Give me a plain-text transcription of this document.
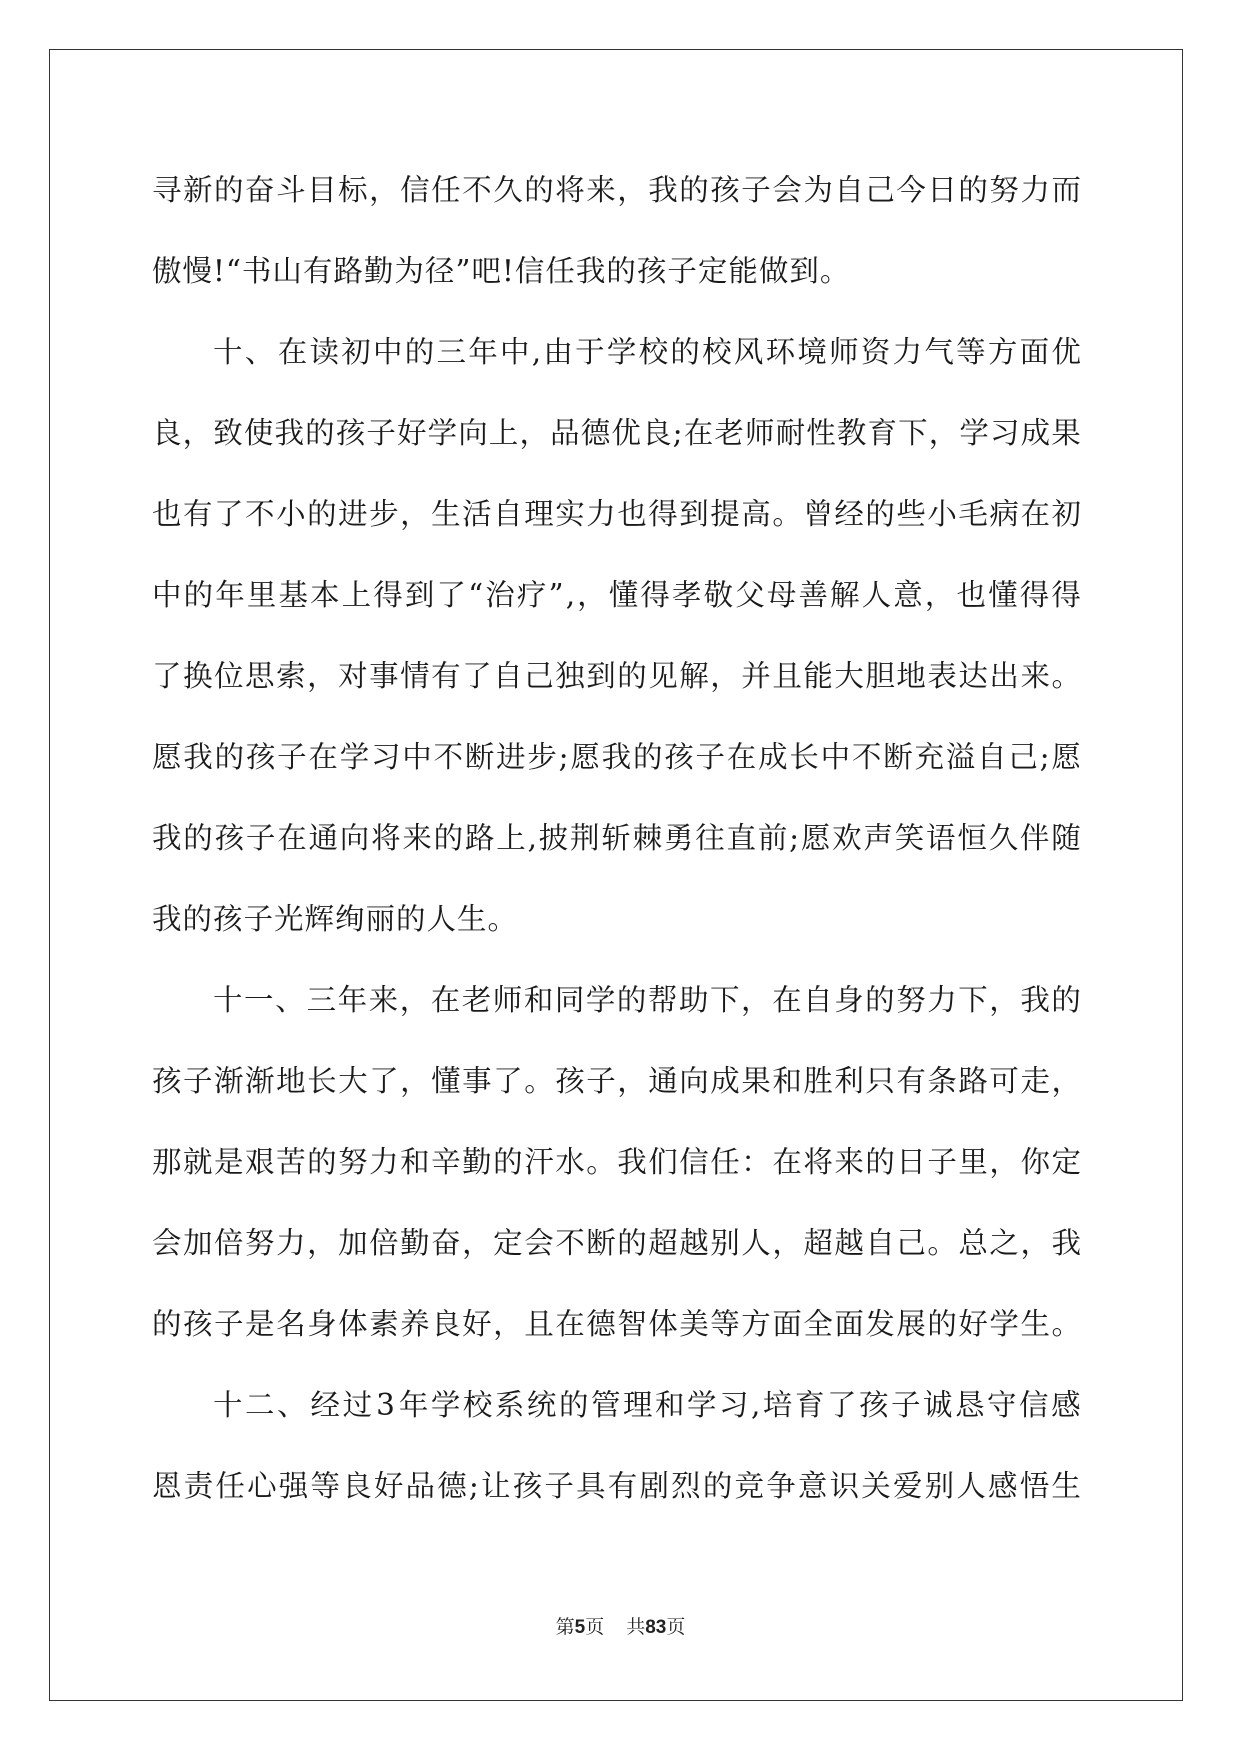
寻 新 的 奋 斗 目 标 ， 信 任 不 久 的 将 来 ， 我 的 孩 子 会 为 自 己 今 日 的 努 力 而
傲慢!“书山有路勤为径”吧!信任我的孩子定能做到。
十 、 在 读 初 中 的 三 年 中 , 由 于 学 校 的 校 风 环 境 师 资 力 气 等 方 面 优
良 ， 致 使 我 的 孩 子 好 学 向 上 ， 品 德 优 良 ; 在 老 师 耐 性 教 育 下 ， 学 习 成 果
也 有 了 不 小 的 进 步 ， 生 活 自 理 实 力 也 得 到 提 高 。 曾 经 的 些 小 毛 病 在 初
中 的 年 里 基 本 上 得 到 了 “ 治 疗 ” , ， 懂 得 孝 敬 父 母 善 解 人 意 ， 也 懂 得 得
了 换 位 思 索 ， 对 事 情 有 了 自 己 独 到 的 见 解 ， 并 且 能 大 胆 地 表 达 出 来 。
愿 我 的 孩 子 在 学 习 中 不 断 进 步 ; 愿 我 的 孩 子 在 成 长 中 不 断 充 溢 自 己 ; 愿
我 的 孩 子 在 通 向 将 来 的 路 上 , 披 荆 斩 棘 勇 往 直 前 ; 愿 欢 声 笑 语 恒 久 伴 随
我的孩子光辉绚丽的人生。
十 一 、 三 年 来 ， 在 老 师 和 同 学 的 帮 助 下 ， 在 自 身 的 努 力 下 ， 我 的
孩 子 渐 渐 地 长 大 了 ， 懂 事 了 。 孩 子 ， 通 向 成 果 和 胜 利 只 有 条 路 可 走 ，
那 就 是 艰 苦 的 努 力 和 辛 勤 的 汗 水 。 我 们 信 任 ： 在 将 来 的 日 子 里 ， 你 定
会 加 倍 努 力 ， 加 倍 勤 奋 ， 定 会 不 断 的 超 越 别 人 ， 超 越 自 己 。 总 之 ， 我
的 孩 子 是 名 身 体 素 养 良 好 ， 且 在 德 智 体 美 等 方 面 全 面 发 展 的 好 学 生 。
十 二 、 经 过 3 年 学 校 系 统 的 管 理 和 学 习 , 培 育 了 孩 子 诚 恳 守 信 感
恩 责 任 心 强 等 良 好 品 德 ; 让 孩 子 具 有 剧 烈 的 竞 争 意 识 关 爱 别 人 感 悟 生
第5页 共83页
